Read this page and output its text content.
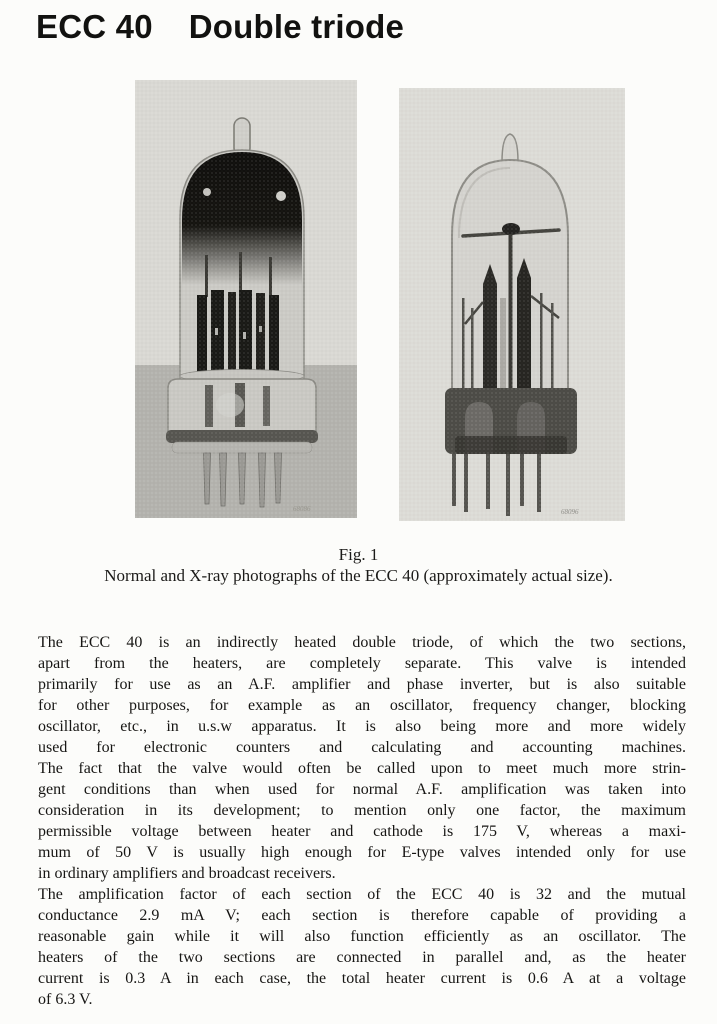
ECC 40 Double triode
68086	68096
Fig. 1
Normal and X-ray photographs of the ECC 40 (approximately actual size).

The ECC 40 is an indirectly heated double triode, of which the two sections,
apart from the heaters, are completely separate. This valve is intended
primarily for use as an A.F. amplifier and phase inverter, but is also suitable
for other purposes, for example as an oscillator, frequency changer, blocking
oscillator, etc., in u.s.w apparatus. It is also being more and more widely
used for electronic counters and calculating and accounting machines.
The fact that the valve would often be called upon to meet much more strin-
gent conditions than when used for normal A.F. amplification was taken into
consideration in its development; to mention only one factor, the maximum
permissible voltage between heater and cathode is 175 V, whereas a maxi-
mum of 50 V is usually high enough for E-type valves intended only for use
in ordinary amplifiers and broadcast receivers.

The amplification factor of each section of the ECC 40 is 32 and the mutual
conductance 2.9 mA V; each section is therefore capable of providing a
reasonable gain while it will also function efficiently as an oscillator. The
heaters of the two sections are connected in parallel and, as the heater
current is 0.3 A in each case, the total heater current is 0.6 A at a voltage
of 6.3 V.
